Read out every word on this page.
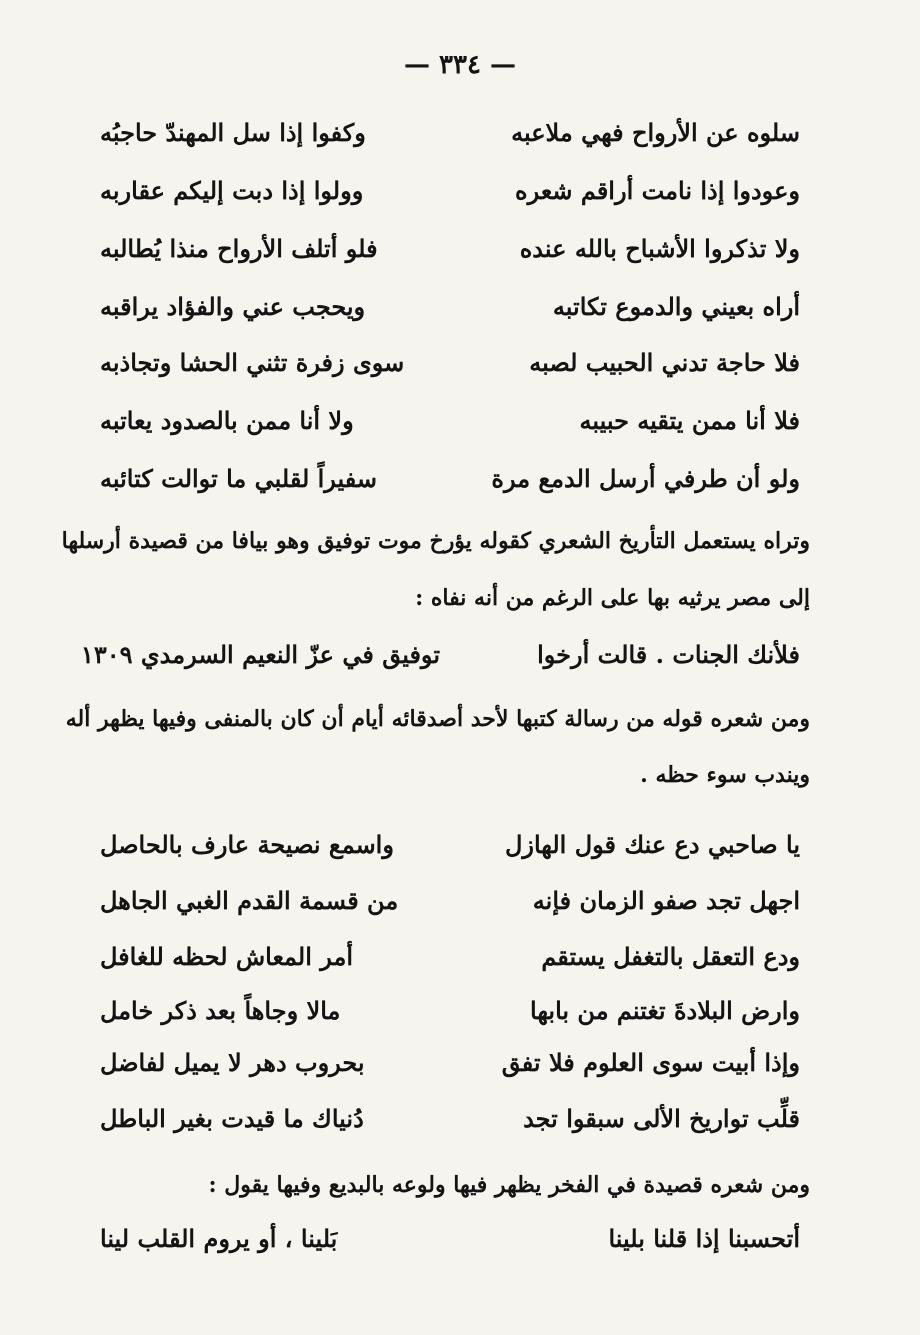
— ٣٣٤ —
سلوه عن الأرواح فهي ملاعبه
وكفوا إذا سل المهندّ حاجبُه
وعودوا إذا نامت أراقم شعره
وولوا إذا دبت إليكم عقاربه
ولا تذكروا الأشباح بالله عنده
فلو أتلف الأرواح منذا يُطالبه
أراه بعيني والدموع تكاتبه
ويحجب عني والفؤاد يراقبه
فلا حاجة تدني الحبيب لصبه
سوى زفرة تثني الحشا وتجاذبه
فلا أنا ممن يتقيه حبيبه
ولا أنا ممن بالصدود يعاتبه
ولو أن طرفي أرسل الدمع مرة
سفيراً لقلبي ما توالت كتائبه
وتراه يستعمل التأريخ الشعري كقوله يؤرخ موت توفيق وهو بيافا من قصيدة أرسلها
إلى مصر يرثيه بها على الرغم من أنه نفاه :
فلأنك الجنات . قالت أرخوا
توفيق في عزّ النعيم السرمدي ١٣٠٩
ومن شعره قوله من رسالة كتبها لأحد أصدقائه أيام أن كان بالمنفى وفيها يظهر أله
ويندب سوء حظه .
يا صاحبي دع عنك قول الهازل
واسمع نصيحة عارف بالحاصل
اجهل تجد صفو الزمان فإنه
من قسمة القدم الغبي الجاهل
ودع التعقل بالتغفل يستقم
أمر المعاش لحظه للغافل
وارض البلادةَ تغتنم من بابها
مالا وجاهاً بعد ذكر خامل
وإذا أبيت سوى العلوم فلا تفق
بحروب دهر لا يميل لفاضل
قلِّب تواريخ الألى سبقوا تجد
دُنياك ما قيدت بغير الباطل
ومن شعره قصيدة في الفخر يظهر فيها ولوعه بالبديع وفيها يقول :
أتحسبنا إذا قلنا بلينا
بَلينا ، أو يروم القلب لينا
